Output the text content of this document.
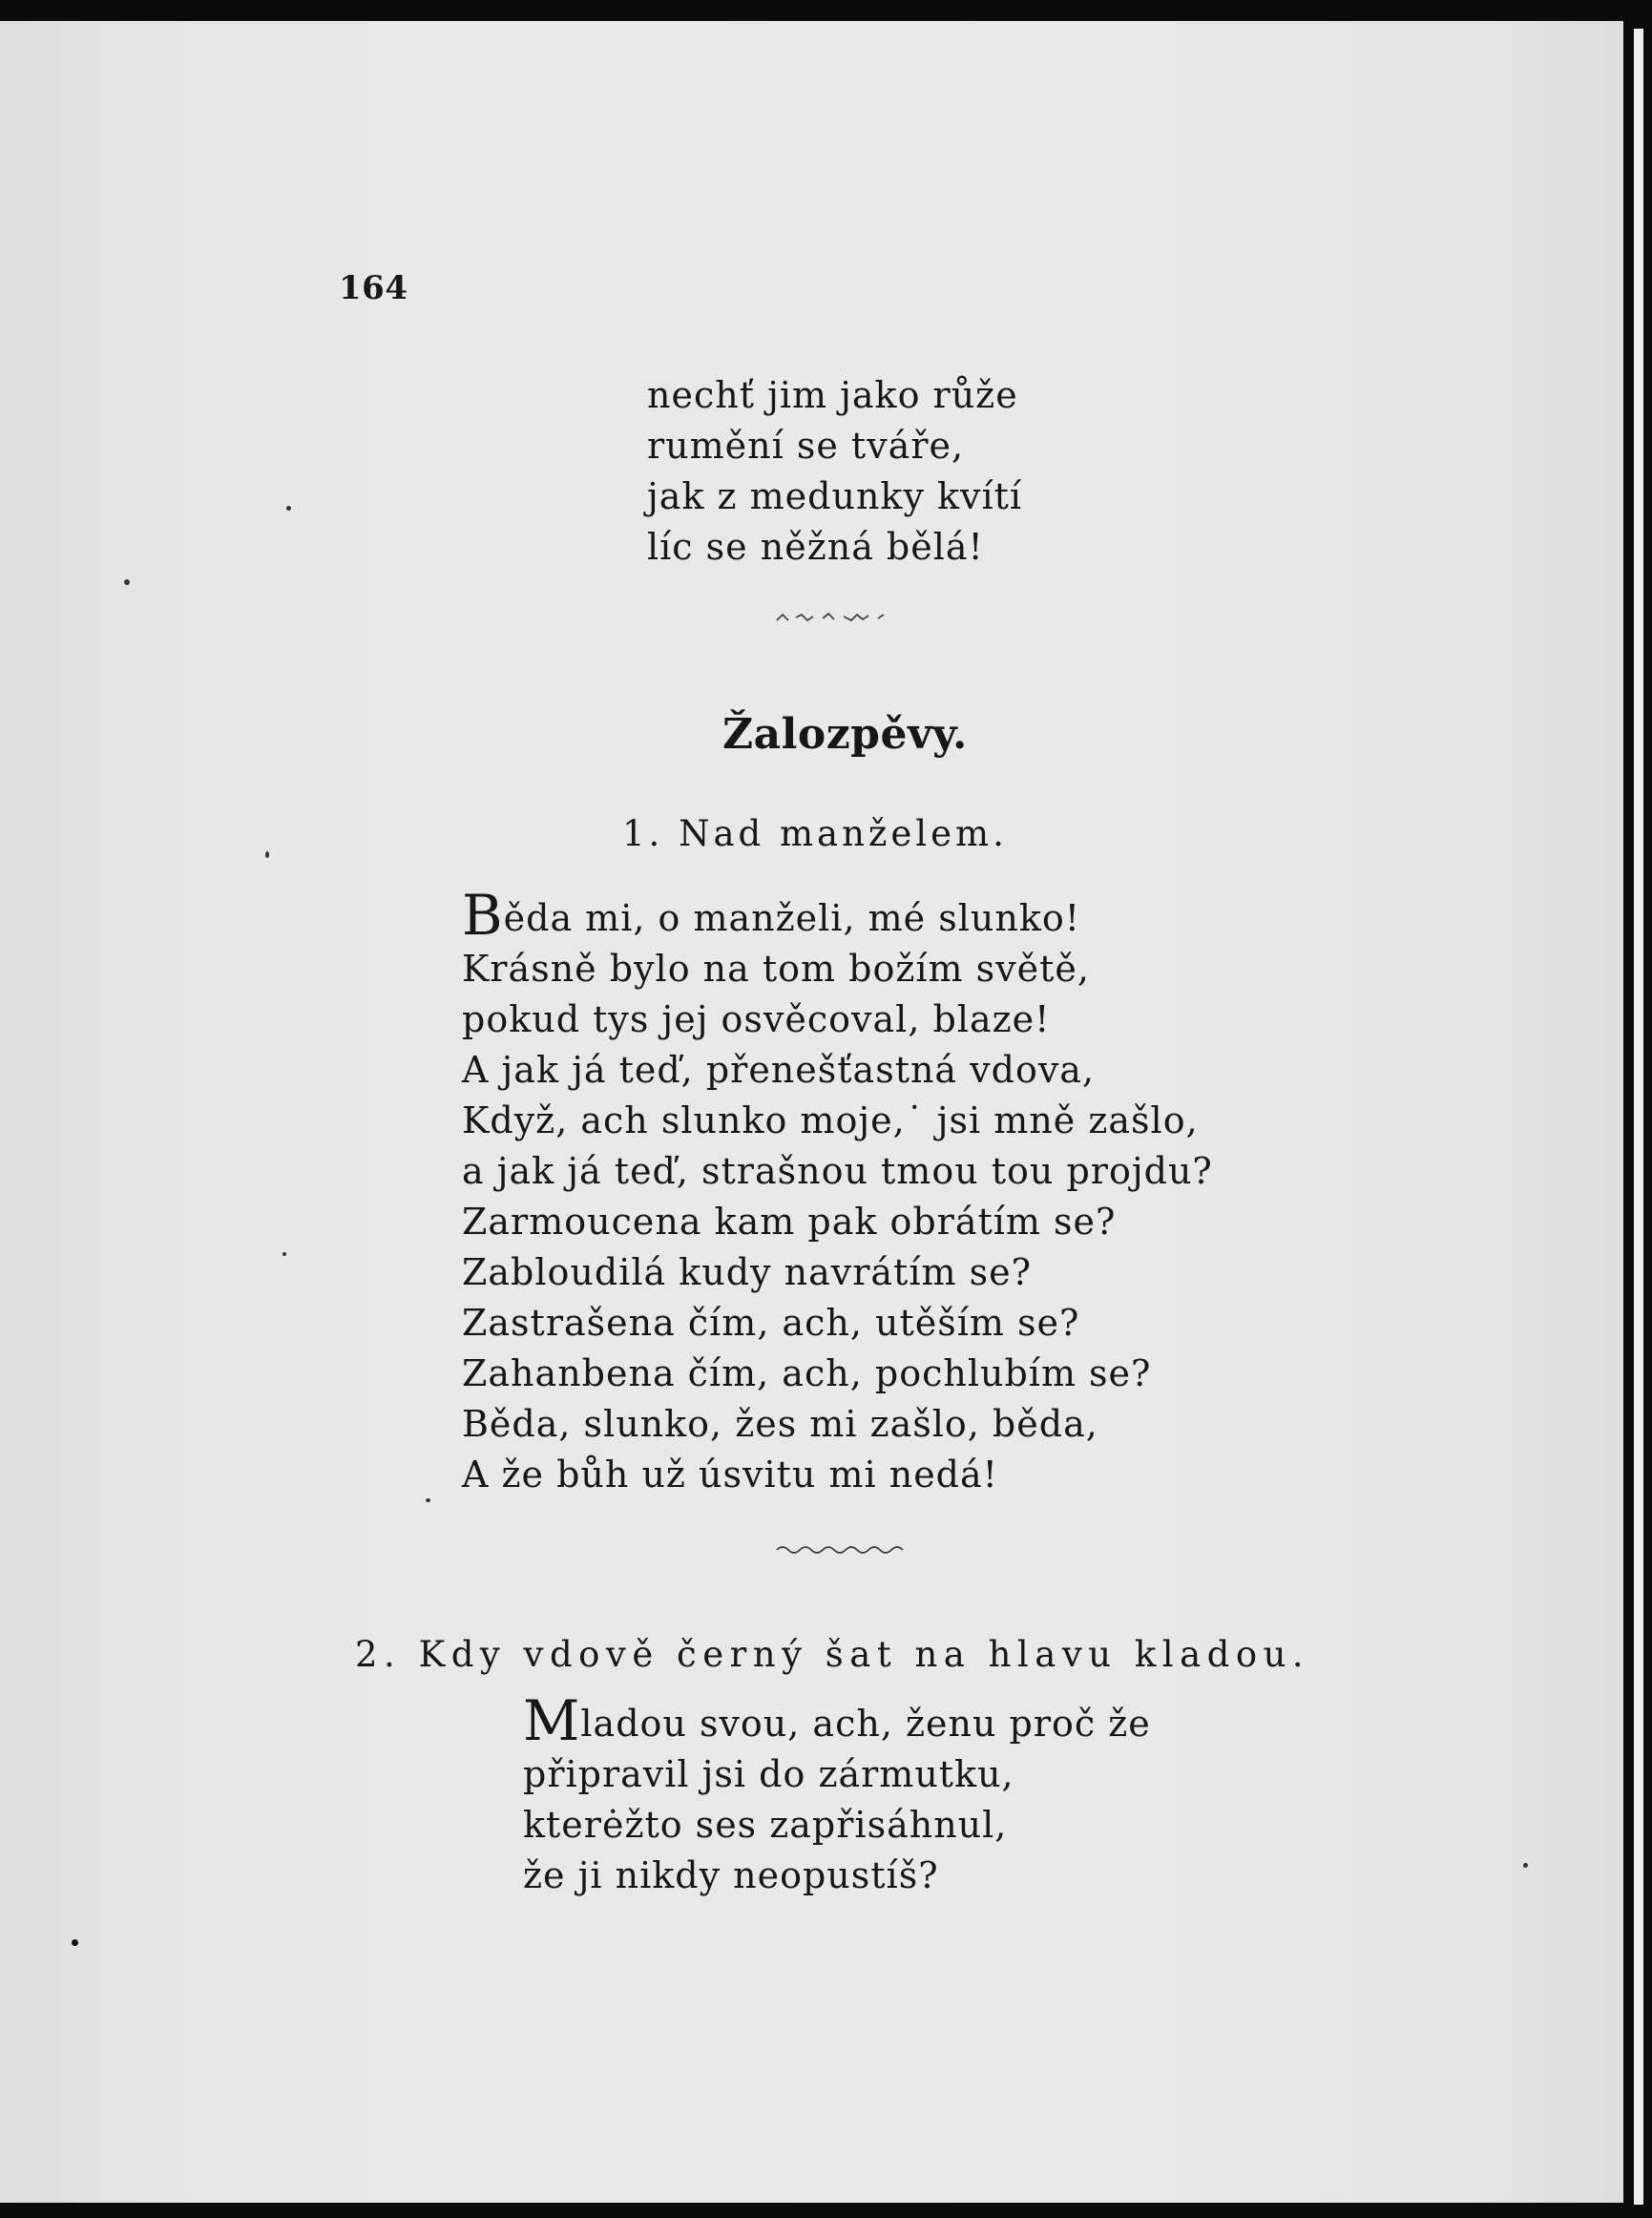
164
nechť jim jako růže
rumění se tváře,
jak z medunky kvítí
líc se něžná bělá!
Žalozpěvy.
1. Nad manželem.
Běda mi, o manželi, mé slunko!
Krásně bylo na tom božím světě,
pokud tys jej osvěcoval, blaze!
A jak já teď, přenešťastná vdova,
Když, ach slunko moje,˙ jsi mně zašlo,
a jak já teď, strašnou tmou tou projdu?
Zarmoucena kam pak obrátím se?
Zabloudilá kudy navrátím se?
Zastrašena čím, ach, utěším se?
Zahanbena čím, ach, pochlubím se?
Běda, slunko, žes mi zašlo, běda,
A že bůh už úsvitu mi nedá!
2. Kdy vdově černý šat na hlavu kladou.
Mladou svou, ach, ženu proč že
připravil jsi do zármutku,
kterėžto ses zapřisáhnul,
že ji nikdy neopustíš?
